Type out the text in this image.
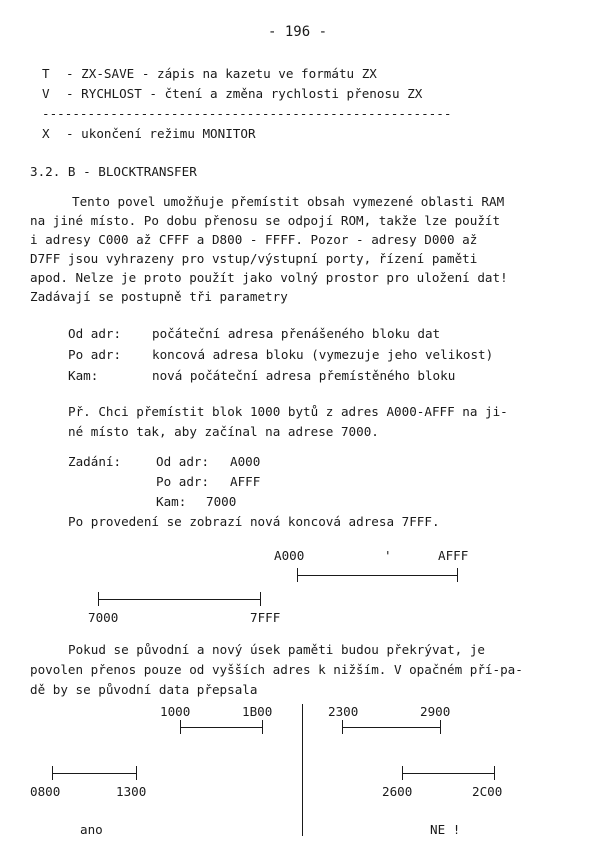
- 196 -
T - ZX-SAVE - zápis na kazetu ve formátu ZX
V - RYCHLOST - čtení a změna rychlosti přenosu ZX
------------------------------------------------------
X - ukončení režimu MONITOR
3.2. B - BLOCKTRANSFER
Tento povel umožňuje přemístit obsah vymezené oblasti RAM
na jiné místo. Po dobu přenosu se odpojí ROM, takže lze použít
i adresy C000 až CFFF a D800 - FFFF. Pozor - adresy D000 až
D7FF jsou vyhrazeny pro vstup/výstupní porty, řízení paměti
apod. Nelze je proto použít jako volný prostor pro uložení dat!
Zadávají se postupně tři parametry
Od adr: počáteční adresa přenášeného bloku dat
Po adr: koncová adresa bloku (vymezuje jeho velikost)
Kam:	nová počáteční adresa přemístěného bloku
Př. Chci přemístit blok 1000 bytů z adres A000-AFFF na ji-
né místo tak, aby začínal na adrese 7000.
Zadání:	Od adr: A000
Po adr: AFFF
Kam: 7000
Po provedení se zobrazí nová koncová adresa 7FFF.
A000	'	AFFF
7000	7FFF
Pokud se původní a nový úsek paměti budou překrývat, je
povolen přenos pouze od vyšších adres k nižším. V opačném pří-pa-
dě by se původní data přepsala
1000	1B00
0800	1300
ano
2300	2900
2600	2C00
NE !
